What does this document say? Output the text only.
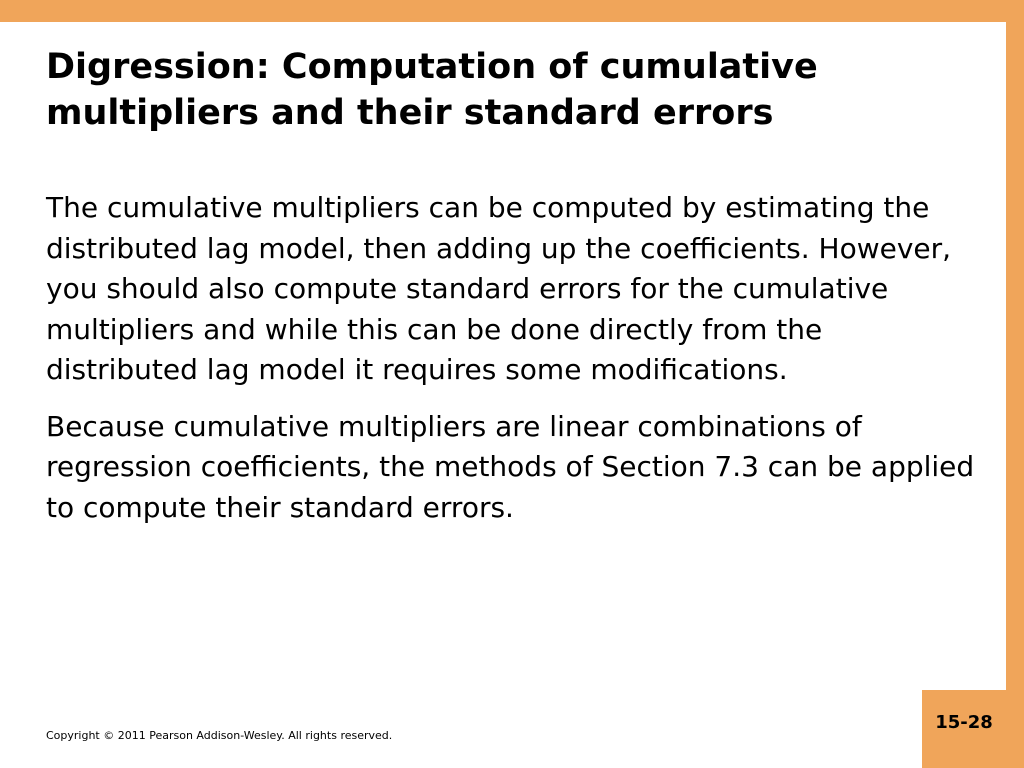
Digression: Computation of cumulative multipliers and their standard errors

The cumulative multipliers can be computed by estimating the distributed lag model, then adding up the coefficients. However, you should also compute standard errors for the cumulative multipliers and while this can be done directly from the distributed lag model it requires some modifications.

Because cumulative multipliers are linear combinations of regression coefficients, the methods of Section 7.3 can be applied to compute their standard errors.

Copyright © 2011 Pearson Addison-Wesley. All rights reserved.
15-28
